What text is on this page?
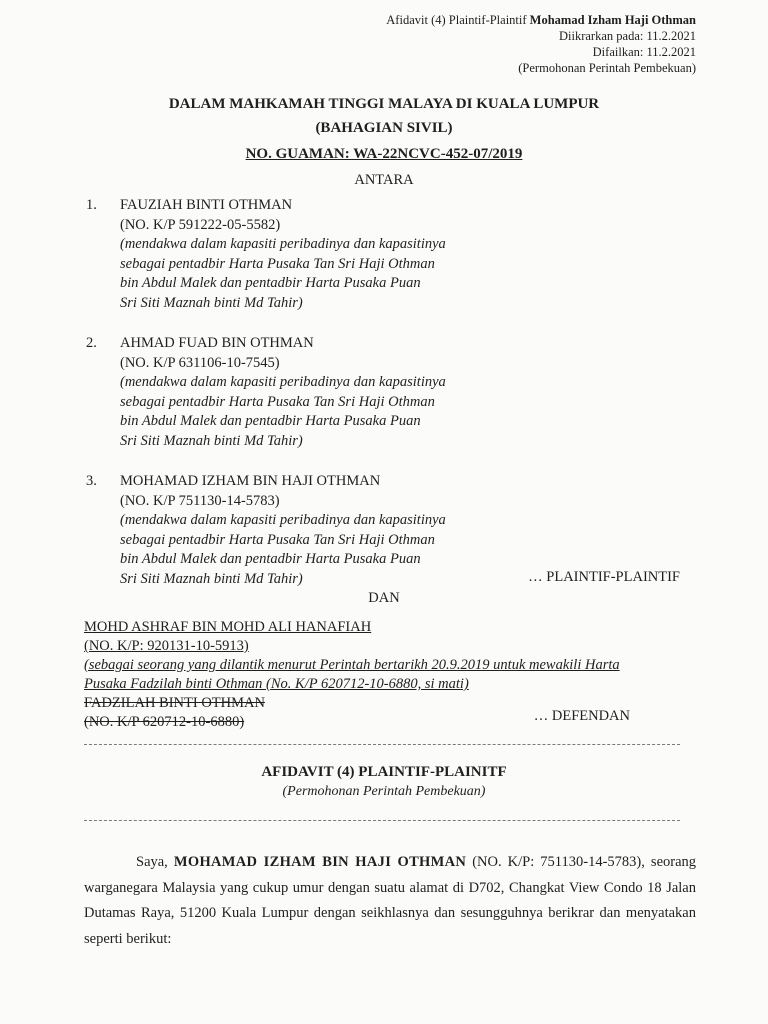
Afidavit (4) Plaintif-Plaintif Mohamad Izham Haji Othman
Diikrarkan pada: 11.2.2021
Difailkan: 11.2.2021
(Permohonan Perintah Pembekuan)
DALAM MAHKAMAH TINGGI MALAYA DI KUALA LUMPUR
(BAHAGIAN SIVIL)
NO. GUAMAN: WA-22NCVC-452-07/2019
ANTARA
1.	FAUZIAH BINTI OTHMAN
(NO. K/P 591222-05-5582)
(mendakwa dalam kapasiti peribadinya dan kapasitinya
sebagai pentadbir Harta Pusaka Tan Sri Haji Othman
bin Abdul Malek dan pentadbir Harta Pusaka Puan
Sri Siti Maznah binti Md Tahir)
2.	AHMAD FUAD BIN OTHMAN
(NO. K/P 631106-10-7545)
(mendakwa dalam kapasiti peribadinya dan kapasitinya
sebagai pentadbir Harta Pusaka Tan Sri Haji Othman
bin Abdul Malek dan pentadbir Harta Pusaka Puan
Sri Siti Maznah binti Md Tahir)
3.	MOHAMAD IZHAM BIN HAJI OTHMAN
(NO. K/P 751130-14-5783)
(mendakwa dalam kapasiti peribadinya dan kapasitinya
sebagai pentadbir Harta Pusaka Tan Sri Haji Othman
bin Abdul Malek dan pentadbir Harta Pusaka Puan
Sri Siti Maznah binti Md Tahir)	… PLAINTIF-PLAINTIF
DAN
MOHD ASHRAF BIN MOHD ALI HANAFIAH
(NO. K/P: 920131-10-5913)
(sebagai seorang yang dilantik menurut Perintah bertarikh 20.9.2019 untuk mewakili Harta
Pusaka Fadzilah binti Othman (No. K/P 620712-10-6880, si mati)
FADZILAH BINTI OTHMAN
(NO. K/P 620712-10-6880)	… DEFENDAN
AFIDAVIT (4) PLAINTIF-PLAINITF
(Permohonan Perintah Pembekuan)
Saya, MOHAMAD IZHAM BIN HAJI OTHMAN (NO. K/P: 751130-14-5783), seorang warganegara Malaysia yang cukup umur dengan suatu alamat di D702, Changkat View Condo 18 Jalan Dutamas Raya, 51200 Kuala Lumpur dengan seikhlasnya dan sesungguhnya berikrar dan menyatakan seperti berikut:
